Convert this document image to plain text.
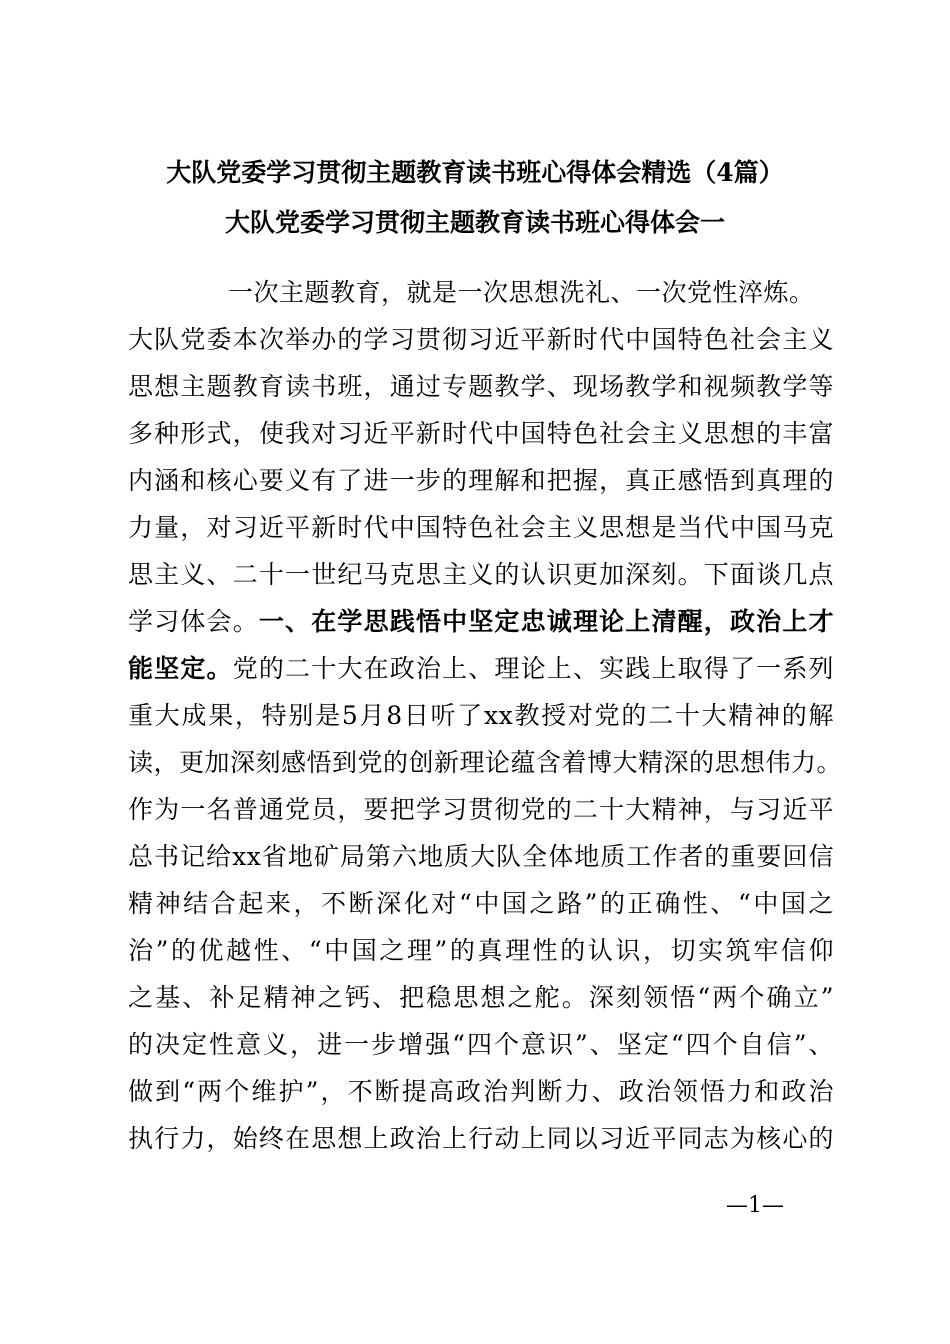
大队党委学习贯彻主题教育读书班心得体会精选（4篇）
大队党委学习贯彻主题教育读书班心得体会一
一次主题教育，就是一次思想洗礼、一次党性淬炼。
大队党委本次举办的学习贯彻习近平新时代中国特色社会主义
思想主题教育读书班，通过专题教学、现场教学和视频教学等
多种形式，使我对习近平新时代中国特色社会主义思想的丰富
内涵和核心要义有了进一步的理解和把握，真正感悟到真理的
力量，对习近平新时代中国特色社会主义思想是当代中国马克
思主义、二十一世纪马克思主义的认识更加深刻。下面谈几点
学习体会。一、在学思践悟中坚定忠诚理论上清醒，政治上才
能坚定。党的二十大在政治上、理论上、实践上取得了一系列
重大成果，特别是5月8日听了xx教授对党的二十大精神的解
读，更加深刻感悟到党的创新理论蕴含着博大精深的思想伟力。
作为一名普通党员，要把学习贯彻党的二十大精神，与习近平
总书记给xx省地矿局第六地质大队全体地质工作者的重要回信
精神结合起来，不断深化对“中国之路”的正确性、“中国之
治”的优越性、“中国之理”的真理性的认识，切实筑牢信仰
之基、补足精神之钙、把稳思想之舵。深刻领悟“两个确立”
的决定性意义，进一步增强“四个意识”、坚定“四个自信”、
做到“两个维护”，不断提高政治判断力、政治领悟力和政治
执行力，始终在思想上政治上行动上同以习近平同志为核心的
—1—
